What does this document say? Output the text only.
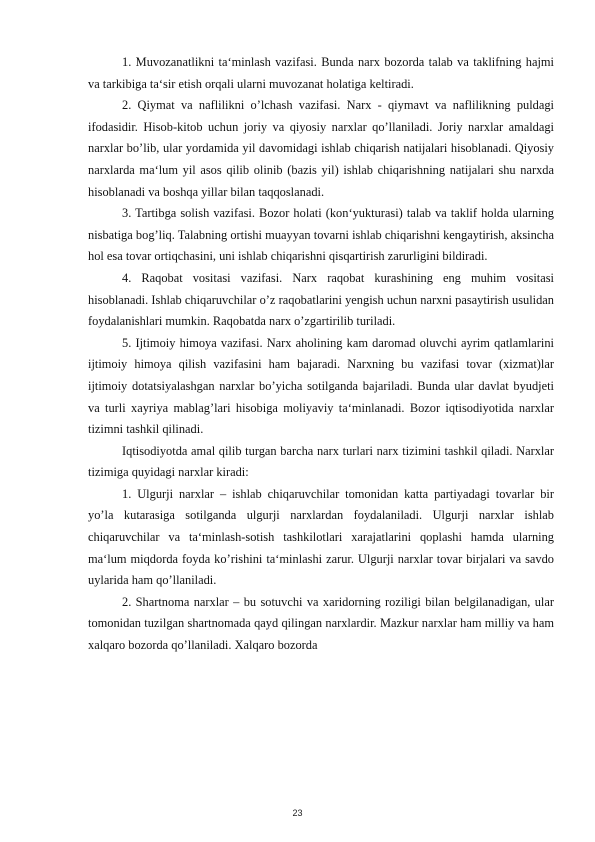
1. Muvozanatlikni ta‘minlash vazifasi. Bunda narx bozorda talab va taklifning hajmi va tarkibiga ta‘sir etish orqali ularni muvozanat holatiga keltiradi.

2. Qiymat va naflilikni o’lchash vazifasi. Narx - qiymavt va naflilikning puldagi ifodasidir. Hisob-kitob uchun joriy va qiyosiy narxlar qo’llaniladi. Joriy narxlar amaldagi narxlar bo’lib, ular yordamida yil davomidagi ishlab chiqarish natijalari hisoblanadi. Qiyosiy narxlarda ma‘lum yil asos qilib olinib (bazis yil) ishlab chiqarishning natijalari shu narxda hisoblanadi va boshqa yillar bilan taqqoslanadi.

3. Tartibga solish vazifasi. Bozor holati (kon‘yukturasi) talab va taklif holda ularning nisbatiga bog’liq. Talabning ortishi muayyan tovarni ishlab chiqarishni kengaytirish, aksincha hol esa tovar ortiqchasini, uni ishlab chiqarishni qisqartirish zarurligini bildiradi.

4. Raqobat vositasi vazifasi. Narx raqobat kurashining eng muhim vositasi hisoblanadi. Ishlab chiqaruvchilar o’z raqobatlarini yengish uchun narxni pasaytirish usulidan foydalanishlari mumkin. Raqobatda narx o’zgartirilib turiladi.

5. Ijtimoiy himoya vazifasi. Narx aholining kam daromad oluvchi ayrim qatlamlarini ijtimoiy himoya qilish vazifasini ham bajaradi. Narxning bu vazifasi tovar (xizmat)lar ijtimoiy dotatsiyalashgan narxlar bo’yicha sotilganda bajariladi. Bunda ular davlat byudjeti va turli xayriya mablag’lari hisobiga moliyaviy ta‘minlanadi. Bozor iqtisodiyotida narxlar tizimni tashkil qilinadi.

Iqtisodiyotda amal qilib turgan barcha narx turlari narx tizimini tashkil qiladi. Narxlar tizimiga quyidagi narxlar kiradi:

1. Ulgurji narxlar – ishlab chiqaruvchilar tomonidan katta partiyadagi tovarlar bir yo’la kutarasiga sotilganda ulgurji narxlardan foydalaniladi. Ulgurji narxlar ishlab chiqaruvchilar va ta‘minlash-sotish tashkilotlari xarajatlarini qoplashi hamda ularning ma‘lum miqdorda foyda ko’rishini ta‘minlashi zarur. Ulgurji narxlar tovar birjalari va savdo uylarida ham qo’llaniladi.

2. Shartnoma narxlar – bu sotuvchi va xaridorning roziligi bilan belgilanadigan, ular tomonidan tuzilgan shartnomada qayd qilingan narxlardir. Mazkur narxlar ham milliy va ham xalqaro bozorda qo’llaniladi. Xalqaro bozorda

23
